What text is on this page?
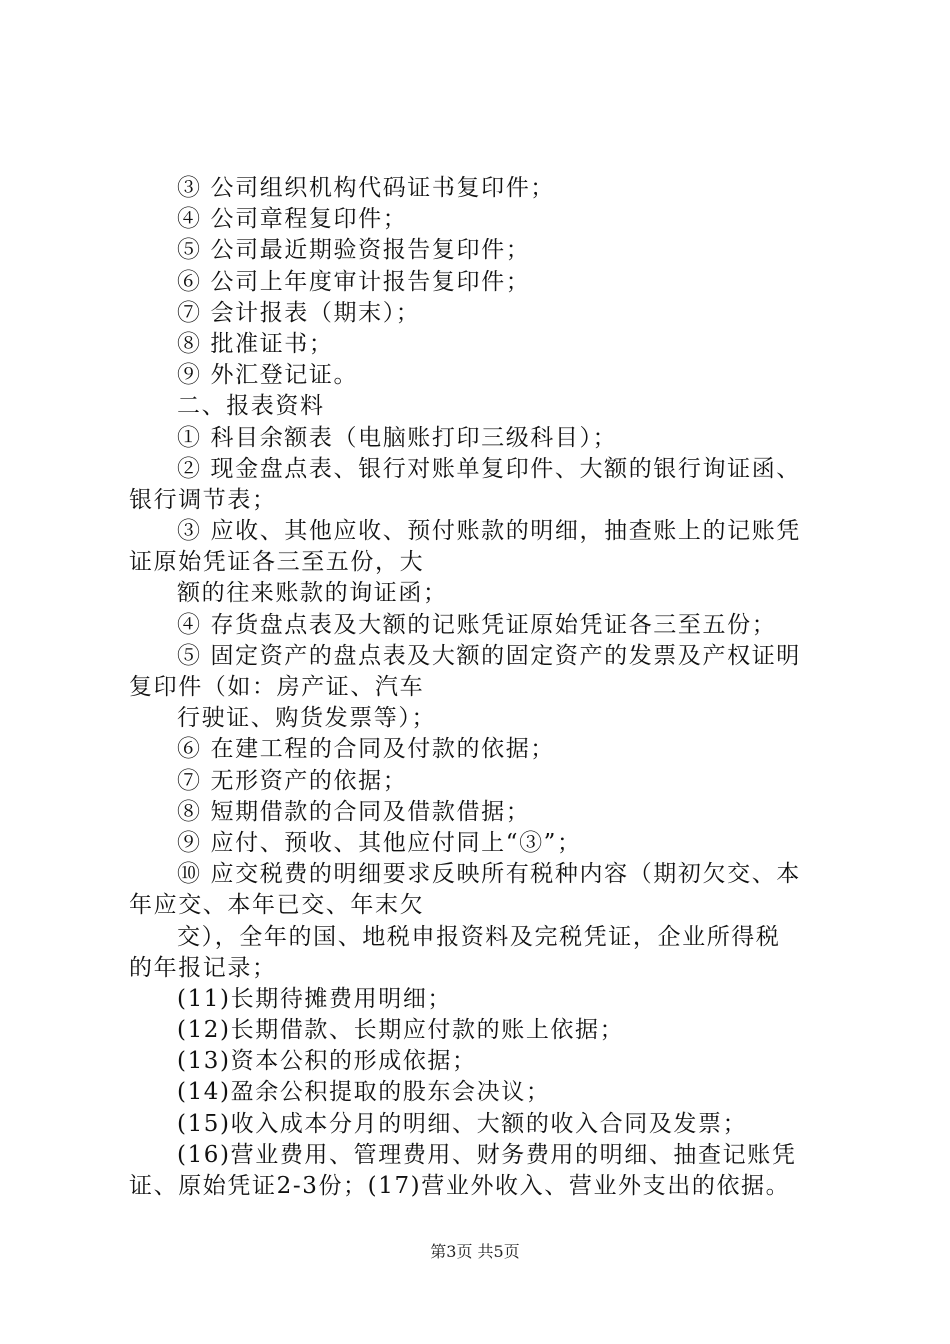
③ 公司组织机构代码证书复印件；
④ 公司章程复印件；
⑤ 公司最近期验资报告复印件；
⑥ 公司上年度审计报告复印件；
⑦ 会计报表（期末）；
⑧ 批准证书；
⑨ 外汇登记证。
二、报表资料
① 科目余额表（电脑账打印三级科目）；
② 现金盘点表、银行对账单复印件、大额的银行询证函、
银行调节表；
③ 应收、其他应收、预付账款的明细，抽查账上的记账凭
证原始凭证各三至五份，大
额的往来账款的询证函；
④ 存货盘点表及大额的记账凭证原始凭证各三至五份；
⑤ 固定资产的盘点表及大额的固定资产的发票及产权证明
复印件（如：房产证、汽车
行驶证、购货发票等）；
⑥ 在建工程的合同及付款的依据；
⑦ 无形资产的依据；
⑧ 短期借款的合同及借款借据；
⑨ 应付、预收、其他应付同上“③”；
⑩ 应交税费的明细要求反映所有税种内容（期初欠交、本
年应交、本年已交、年末欠
交），全年的国、地税申报资料及完税凭证，企业所得税
的年报记录；
(11)长期待摊费用明细；
(12)长期借款、长期应付款的账上依据；
(13)资本公积的形成依据；
(14)盈余公积提取的股东会决议；
(15)收入成本分月的明细、大额的收入合同及发票；
(16)营业费用、管理费用、财务费用的明细、抽查记账凭
证、原始凭证2-3份；(17)营业外收入、营业外支出的依据。
第3页 共5页
